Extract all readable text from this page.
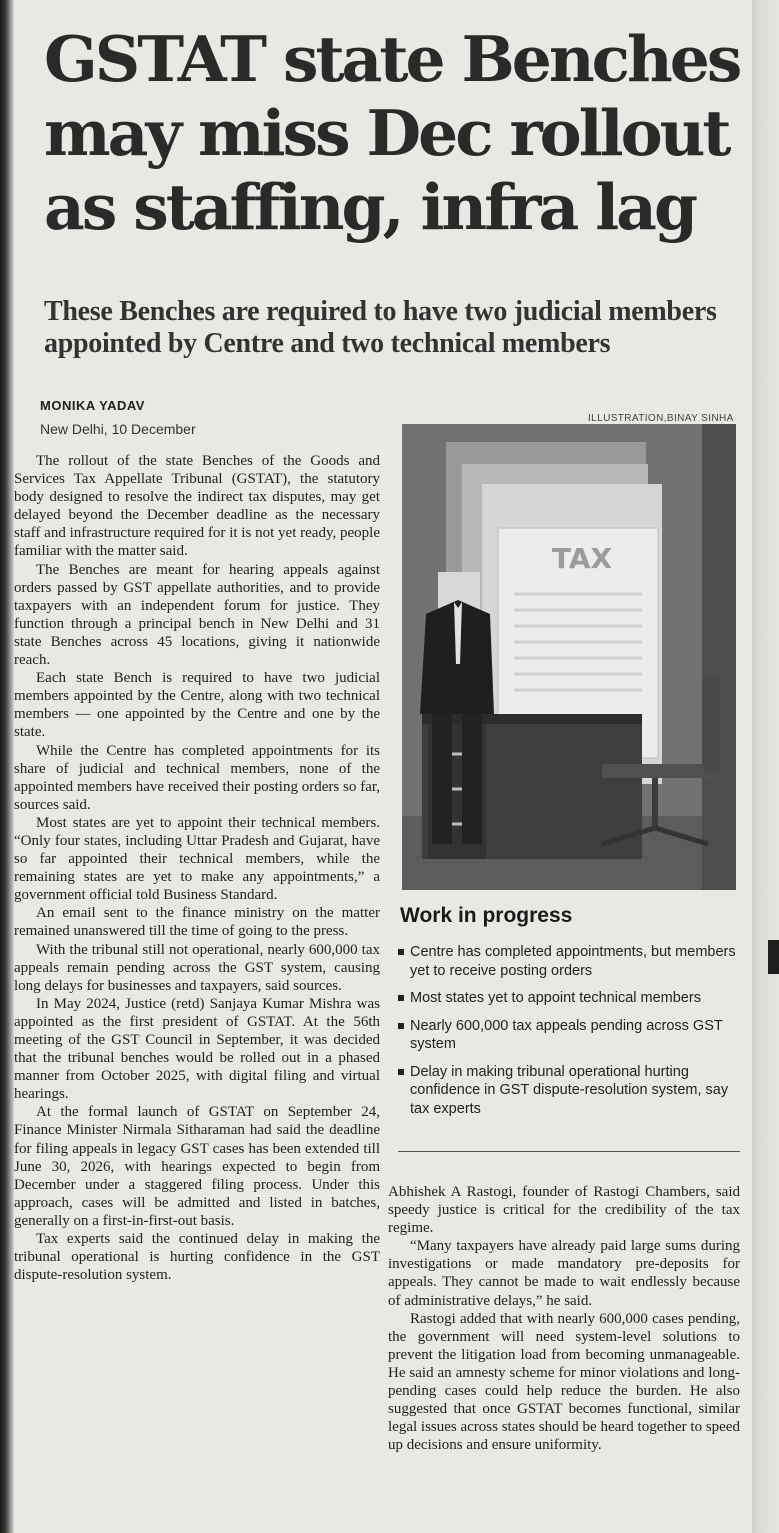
GSTAT state Benches may miss Dec rollout as staffing, infra lag
These Benches are required to have two judicial members appointed by Centre and two technical members
MONIKA YADAV
New Delhi, 10 December
ILLUSTRATION,BINAY SINHA

The rollout of the state Benches of the Goods and Services Tax Appellate Tribunal (GSTAT), the statutory body designed to resolve the indirect tax disputes, may get delayed beyond the December deadline as the necessary staff and infrastructure required for it is not yet ready, people familiar with the matter said.

The Benches are meant for hearing appeals against orders passed by GST appellate authorities, and to provide taxpayers with an independent forum for justice. They function through a principal bench in New Delhi and 31 state Benches across 45 locations, giving it nationwide reach.

Each state Bench is required to have two judicial members appointed by the Centre, along with two technical members — one appointed by the Centre and one by the state.

While the Centre has completed appointments for its share of judicial and technical members, none of the appointed members have received their posting orders so far, sources said.

Most states are yet to appoint their technical members. “Only four states, including Uttar Pradesh and Gujarat, have so far appointed their technical members, while the remaining states are yet to make any appointments,” a government official told Business Standard.

An email sent to the finance ministry on the matter remained unanswered till the time of going to the press.

With the tribunal still not operational, nearly 600,000 tax appeals remain pending across the GST system, causing long delays for businesses and taxpayers, said sources.

In May 2024, Justice (retd) Sanjaya Kumar Mishra was appointed as the first president of GSTAT. At the 56th meeting of the GST Council in September, it was decided that the tribunal benches would be rolled out in a phased manner from October 2025, with digital filing and virtual hearings.

At the formal launch of GSTAT on September 24, Finance Minister Nirmala Sitharaman had said the deadline for filing appeals in legacy GST cases has been extended till June 30, 2026, with hearings expected to begin from December under a staggered filing process. Under this approach, cases will be admitted and listed in batches, generally on a first-in-first-out basis.

Tax experts said the continued delay in making the tribunal operational is hurting confidence in the GST dispute-resolution system.

TAX
Work in progress
Centre has completed appointments, but members yet to receive posting orders
Most states yet to appoint technical members
Nearly 600,000 tax appeals pending across GST system
Delay in making tribunal operational hurting confidence in GST dispute-resolution system, say tax experts

Abhishek A Rastogi, founder of Rastogi Chambers, said speedy justice is critical for the credibility of the tax regime.

“Many taxpayers have already paid large sums during investigations or made mandatory pre-deposits for appeals. They cannot be made to wait endlessly because of administrative delays,” he said.

Rastogi added that with nearly 600,000 cases pending, the government will need system-level solutions to prevent the litigation load from becoming unmanageable. He said an amnesty scheme for minor violations and long-pending cases could help reduce the burden. He also suggested that once GSTAT becomes functional, similar legal issues across states should be heard together to speed up decisions and ensure uniformity.
